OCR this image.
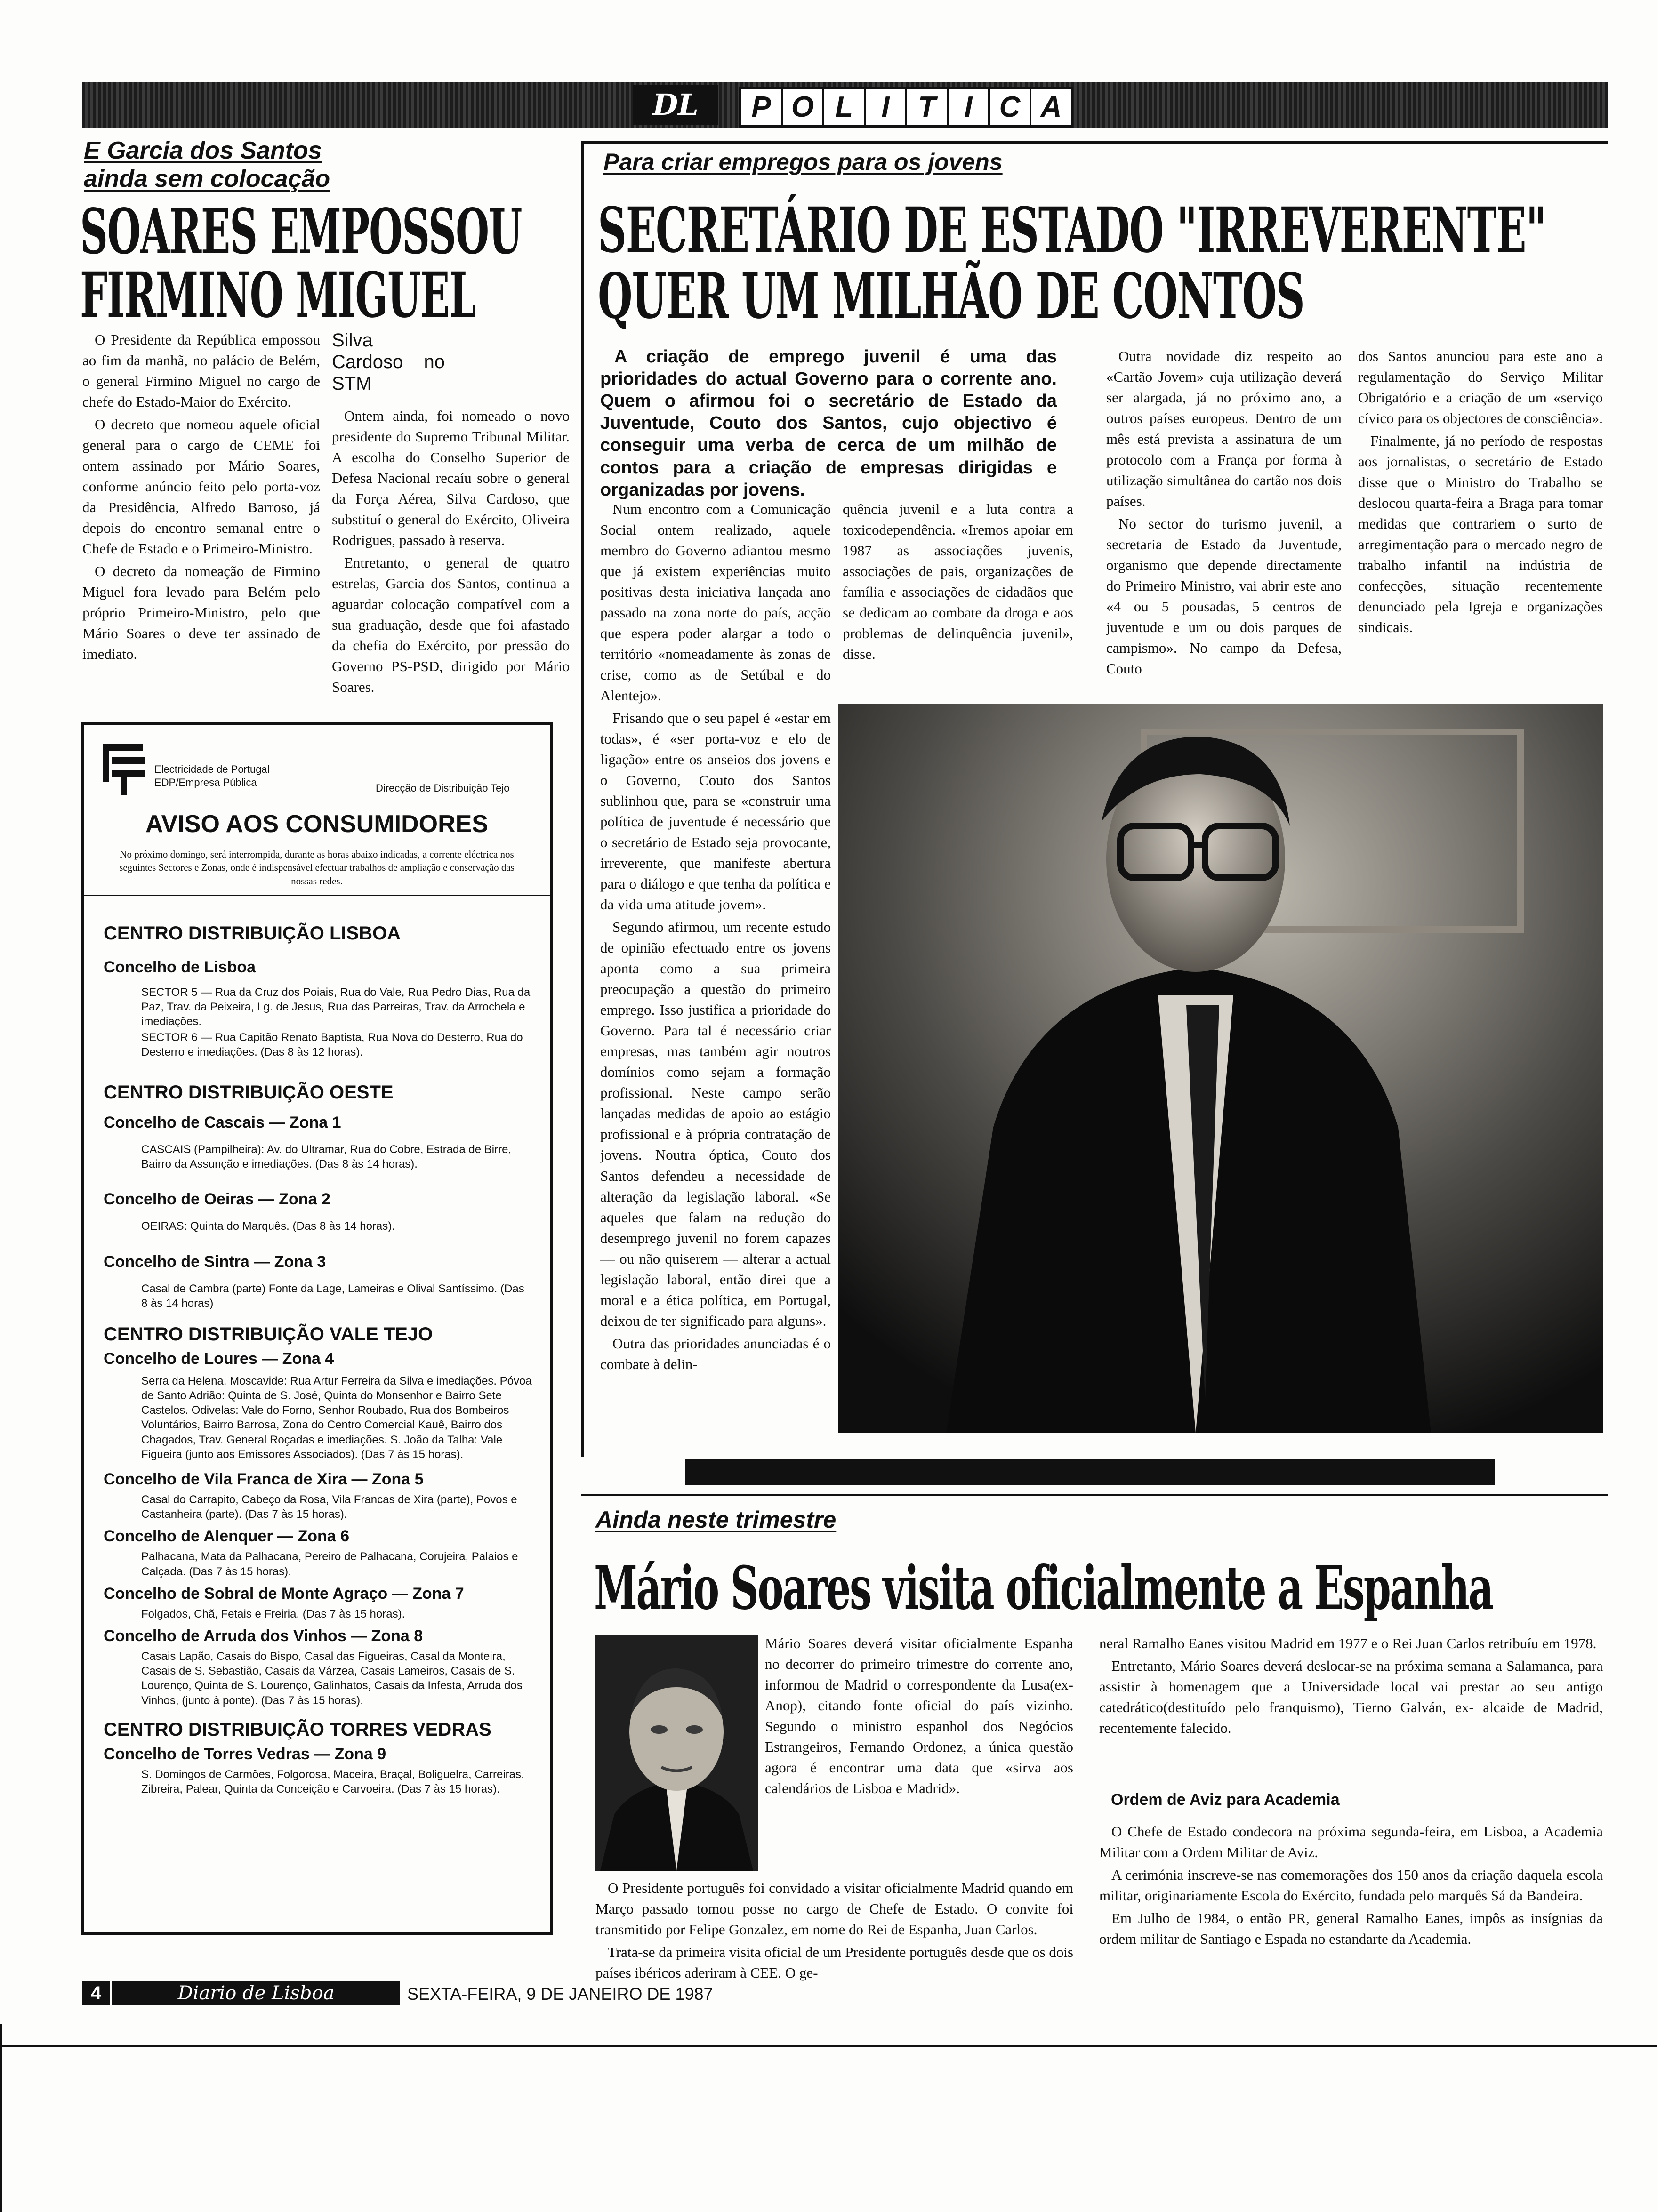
DL	P O L I T I C A
E Garcia dos Santos
ainda sem colocação
SOARES EMPOSSOU
FIRMINO MIGUEL

O Presidente da República empossou ao fim da manhã, no palácio de Belém, o general Firmino Miguel no cargo de chefe do Estado-Maior do Exército.

O decreto que nomeou aquele oficial general para o cargo de CEME foi ontem assinado por Mário Soares, conforme anúncio feito pelo porta-voz da Presidência, Alfredo Barroso, já depois do encontro semanal entre o Chefe de Estado e o Primeiro-Ministro.

O decreto da nomeação de Firmino Miguel fora levado para Belém pelo próprio Primeiro-Ministro, pelo que Mário Soares o deve ter assinado de imediato.

Silva Cardoso no STM

Ontem ainda, foi nomeado o novo presidente do Supremo Tribunal Militar. A escolha do Conselho Superior de Defesa Nacional recaíu sobre o general da Força Aérea, Silva Cardoso, que substituí o general do Exército, Oliveira Rodrigues, passado à reserva.

Entretanto, o general de quatro estrelas, Garcia dos Santos, continua a aguardar colocação compatível com a sua graduação, desde que foi afastado da chefia do Exército, por pressão do Governo PS-PSD, dirigido por Mário Soares.

Electricidade de Portugal
EDP/Empresa Pública	Direcção de Distribuição Tejo
AVISO AOS CONSUMIDORES
No próximo domingo, será interrompida, durante as horas abaixo indicadas, a corrente eléctrica nos seguintes Sectores e Zonas, onde é indispensável efectuar trabalhos de ampliação e conservação das nossas redes.
CENTRO DISTRIBUIÇÃO LISBOA
Concelho de Lisboa
SECTOR 5 — Rua da Cruz dos Poiais, Rua do Vale, Rua Pedro Dias, Rua da Paz, Trav. da Peixeira, Lg. de Jesus, Rua das Parreiras, Trav. da Arrochela e imediações.
SECTOR 6 — Rua Capitão Renato Baptista, Rua Nova do Desterro, Rua do Desterro e imediações. (Das 8 às 12 horas).
CENTRO DISTRIBUIÇÃO OESTE
Concelho de Cascais — Zona 1
CASCAIS (Pampilheira): Av. do Ultramar, Rua do Cobre, Estrada de Birre, Bairro da Assunção e imediações. (Das 8 às 14 horas).
Concelho de Oeiras — Zona 2
OEIRAS: Quinta do Marquês. (Das 8 às 14 horas).
Concelho de Sintra — Zona 3
Casal de Cambra (parte) Fonte da Lage, Lameiras e Olival Santíssimo. (Das 8 às 14 horas)
CENTRO DISTRIBUIÇÃO VALE TEJO
Concelho de Loures — Zona 4
Serra da Helena. Moscavide: Rua Artur Ferreira da Silva e imediações. Póvoa de Santo Adrião: Quinta de S. José, Quinta do Monsenhor e Bairro Sete Castelos. Odivelas: Vale do Forno, Senhor Roubado, Rua dos Bombeiros Voluntários, Bairro Barrosa, Zona do Centro Comercial Kauê, Bairro dos Chagados, Trav. General Roçadas e imediações. S. João da Talha: Vale Figueira (junto aos Emissores Associados). (Das 7 às 15 horas).
Concelho de Vila Franca de Xira — Zona 5
Casal do Carrapito, Cabeço da Rosa, Vila Francas de Xira (parte), Povos e Castanheira (parte). (Das 7 às 15 horas).
Concelho de Alenquer — Zona 6
Palhacana, Mata da Palhacana, Pereiro de Palhacana, Corujeira, Palaios e Calçada. (Das 7 às 15 horas).
Concelho de Sobral de Monte Agraço — Zona 7
Folgados, Chã, Fetais e Freiria. (Das 7 às 15 horas).
Concelho de Arruda dos Vinhos — Zona 8
Casais Lapão, Casais do Bispo, Casal das Figueiras, Casal da Monteira, Casais de S. Sebastião, Casais da Várzea, Casais Lameiros, Casais de S. Lourenço, Quinta de S. Lourenço, Galinhatos, Casais da Infesta, Arruda dos Vinhos, (junto à ponte). (Das 7 às 15 horas).
CENTRO DISTRIBUIÇÃO TORRES VEDRAS
Concelho de Torres Vedras — Zona 9
S. Domingos de Carmões, Folgorosa, Maceira, Braçal, Boliguelra, Carreiras, Zibreira, Palear, Quinta da Conceição e Carvoeira. (Das 7 às 15 horas).
Para criar empregos para os jovens
SECRETÁRIO DE ESTADO "IRREVERENTE"
QUER UM MILHÃO DE CONTOS
A criação de emprego juvenil é uma das prioridades do actual Governo para o corrente ano. Quem o afirmou foi o secretário de Estado da Juventude, Couto dos Santos, cujo objectivo é conseguir uma verba de cerca de um milhão de contos para a criação de empresas dirigidas e organizadas por jovens.

Num encontro com a Comunicação Social ontem realizado, aquele membro do Governo adiantou mesmo que já existem experiências muito positivas desta iniciativa lançada ano passado na zona norte do país, acção que espera poder alargar a todo o território «nomeadamente às zonas de crise, como as de Setúbal e do Alentejo».

Frisando que o seu papel é «estar em todas», é «ser porta-voz e elo de ligação» entre os anseios dos jovens e o Governo, Couto dos Santos sublinhou que, para se «construir uma política de juventude é necessário que o secretário de Estado seja provocante, irreverente, que manifeste abertura para o diálogo e que tenha da política e da vida uma atitude jovem».

Segundo afirmou, um recente estudo de opinião efectuado entre os jovens aponta como a sua primeira preocupação a questão do primeiro emprego. Isso justifica a prioridade do Governo. Para tal é necessário criar empresas, mas também agir noutros domínios como sejam a formação profissional. Neste campo serão lançadas medidas de apoio ao estágio profissional e à própria contratação de jovens. Noutra óptica, Couto dos Santos defendeu a necessidade de alteração da legislação laboral. «Se aqueles que falam na redução do desemprego juvenil no forem capazes — ou não quiserem — alterar a actual legislação laboral, então direi que a moral e a ética política, em Portugal, deixou de ter significado para alguns».

Outra das prioridades anunciadas é o combate à delin-

quência juvenil e a luta contra a toxicodependência. «Iremos apoiar em 1987 as associações juvenis, associações de pais, organizações de família e associações de cidadãos que se dedicam ao combate da droga e aos problemas de delinquência juvenil», disse.

Outra novidade diz respeito ao «Cartão Jovem» cuja utilização deverá ser alargada, já no próximo ano, a outros países europeus. Dentro de um mês está prevista a assinatura de um protocolo com a França por forma à utilização simultânea do cartão nos dois países.

No sector do turismo juvenil, a secretaria de Estado da Juventude, organismo que depende directamente do Primeiro Ministro, vai abrir este ano «4 ou 5 pousadas, 5 centros de juventude e um ou dois parques de campismo». No campo da Defesa, Couto

dos Santos anunciou para este ano a regulamentação do Serviço Militar Obrigatório e a criação de um «serviço cívico para os objectores de consciência».

Finalmente, já no período de respostas aos jornalistas, o secretário de Estado disse que o Ministro do Trabalho se deslocou quarta-feira a Braga para tomar medidas que contrariem o surto de arregimentação para o mercado negro de trabalho infantil na indústria de confecções, situação recentemente denunciado pela Igreja e organizações sindicais.

Ainda neste trimestre
Mário Soares visita oficialmente a Espanha

Mário Soares deverá visitar oficialmente Espanha no decorrer do primeiro trimestre do corrente ano, informou de Madrid o correspondente da Lusa(ex-Anop), citando fonte oficial do país vizinho. Segundo o ministro espanhol dos Negócios Estrangeiros, Fernando Ordonez, a única questão agora é encontrar uma data que «sirva aos calendários de Lisboa e Madrid».

O Presidente português foi convidado a visitar oficialmente Madrid quando em Março passado tomou posse no cargo de Chefe de Estado. O convite foi transmitido por Felipe Gonzalez, em nome do Rei de Espanha, Juan Carlos.

Trata-se da primeira visita oficial de um Presidente português desde que os dois países ibéricos aderiram à CEE. O ge-

neral Ramalho Eanes visitou Madrid em 1977 e o Rei Juan Carlos retribuíu em 1978.

Entretanto, Mário Soares deverá deslocar-se na próxima semana a Salamanca, para assistir à homenagem que a Universidade local vai prestar ao seu antigo catedrático(destituído pelo franquismo), Tierno Galván, ex- alcaide de Madrid, recentemente falecido.

Ordem de Aviz para Academia

O Chefe de Estado condecora na próxima segunda-feira, em Lisboa, a Academia Militar com a Ordem Militar de Aviz.

A cerimónia inscreve-se nas comemorações dos 150 anos da criação daquela escola militar, originariamente Escola do Exército, fundada pelo marquês Sá da Bandeira.

Em Julho de 1984, o então PR, general Ramalho Eanes, impôs as insígnias da ordem militar de Santiago e Espada no estandarte da Academia.

4	Diario de Lisboa	SEXTA-FEIRA, 9 DE JANEIRO DE 1987
